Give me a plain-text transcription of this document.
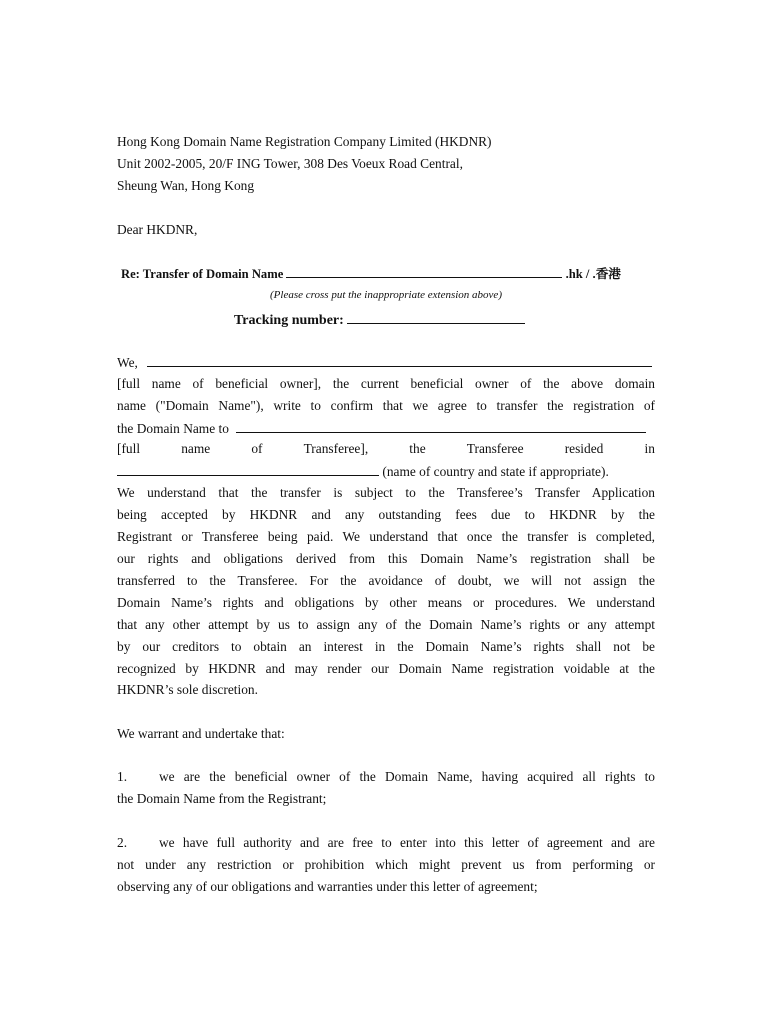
Hong Kong Domain Name Registration Company Limited (HKDNR)
Unit 2002-2005, 20/F ING Tower, 308 Des Voeux Road Central,
Sheung Wan, Hong Kong
Dear HKDNR,
Re: Transfer of Domain Name	.hk / .香港
(Please cross put the inappropriate extension above)
Tracking number:
We,
[full name of beneficial owner], the current beneficial owner of the above domain
name ("Domain Name"), write to confirm that we agree to transfer the registration of
the Domain Name to
[full	name	of	Transferee],	the	Transferee	resided	in
(name of country and state if appropriate).
We understand that the transfer is subject to the Transferee’s Transfer Application
being accepted by HKDNR and any outstanding fees due to HKDNR by the
Registrant or Transferee being paid. We understand that once the transfer is completed,
our rights and obligations derived from this Domain Name’s registration shall be
transferred to the Transferee. For the avoidance of doubt, we will not assign the
Domain Name’s rights and obligations by other means or procedures. We understand
that any other attempt by us to assign any of the Domain Name’s rights or any attempt
by our creditors to obtain an interest in the Domain Name’s rights shall not be
recognized by HKDNR and may render our Domain Name registration voidable at the
HKDNR’s sole discretion.
We warrant and undertake that:
1. we are the beneficial owner of the Domain Name, having acquired all rights to
the Domain Name from the Registrant;
2. we have full authority and are free to enter into this letter of agreement and are
not under any restriction or prohibition which might prevent us from performing or
observing any of our obligations and warranties under this letter of agreement;
